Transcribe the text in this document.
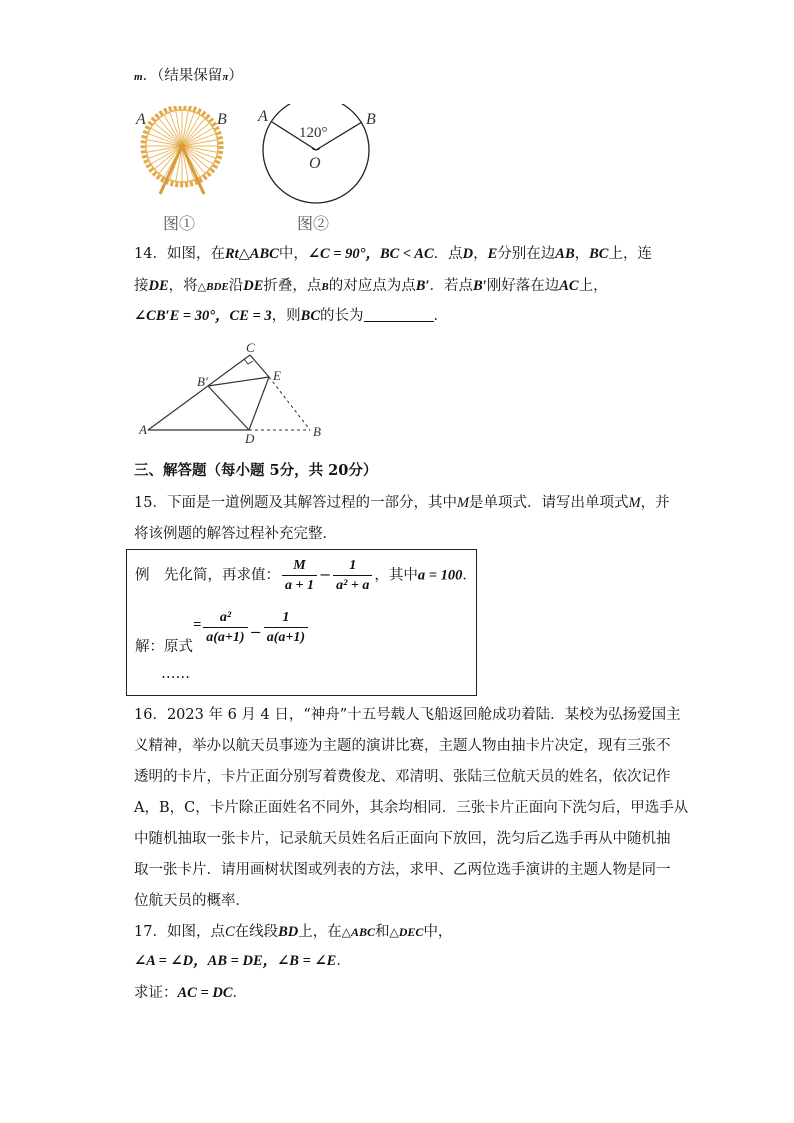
m．（结果保留π）
A	B
图①
A	B
120°
O
图②
14．如图，在Rt△ABC中，∠C = 90°，BC < AC．点D，E分别在边AB，BC上，连
接DE，将△BDE沿DE折叠，点B的对应点为点B′．若点B′刚好落在边AC上，
∠CB′E = 30°，CE = 3，则BC的长为	．
C
B′	E
A
D	B
三、解答题（每小题 5分，共 20分）
15．下面是一道例题及其解答过程的一部分，其中M是单项式．请写出单项式M，并
将该例题的解答过程补充完整．
例　先化简，再求值： $\frac{M}{a + 1} - \frac{1}{\text{a² + a}}$ ，其中a = 100．
解：原式= $\frac{\text{a²}}{a(a+1)} - \frac{1}{a(a+1)}$
……
16．2023 年 6 月 4 日，“神舟”十五号载人飞船返回舱成功着陆．某校为弘扬爱国主
义精神，举办以航天员事迹为主题的演讲比赛，主题人物由抽卡片决定，现有三张不
透明的卡片，卡片正面分别写着费俊龙、邓清明、张陆三位航天员的姓名，依次记作
A，B，C，卡片除正面姓名不同外，其余均相同．三张卡片正面向下洗匀后，甲选手从
中随机抽取一张卡片，记录航天员姓名后正面向下放回，洗匀后乙选手再从中随机抽
取一张卡片．请用画树状图或列表的方法，求甲、乙两位选手演讲的主题人物是同一
位航天员的概率．
17．如图，点C在线段BD上，在△ABC和△DEC中，
∠A = ∠D，AB = DE，∠B = ∠E．
求证：AC = DC．
